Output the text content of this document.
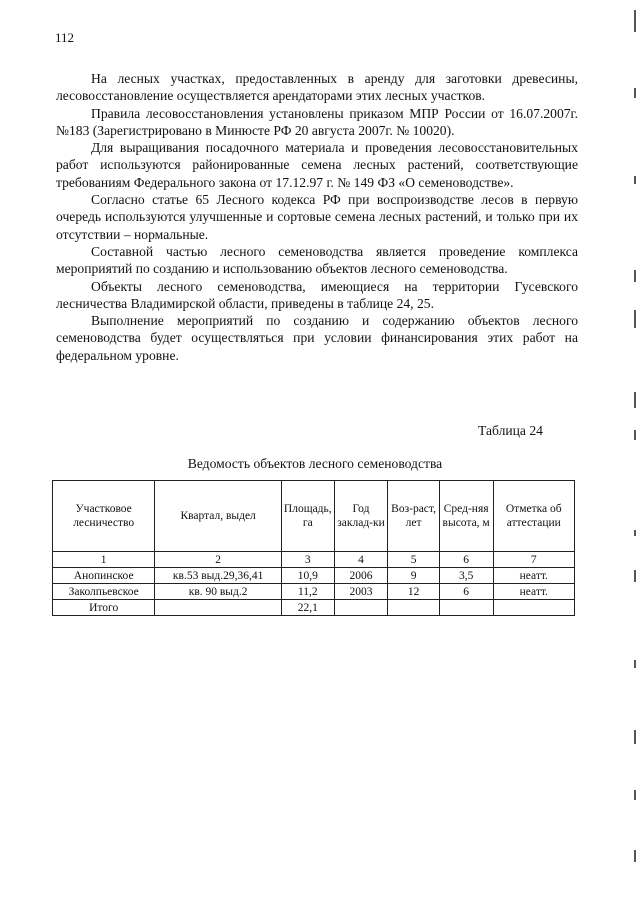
112

На лесных участках, предоставленных в аренду для заготовки древесины, лесовосстановление осуществляется арендаторами этих лесных участков.

Правила лесовосстановления установлены приказом МПР России от 16.07.2007г. №183 (Зарегистрировано в Минюсте РФ 20 августа 2007г. № 10020).

Для выращивания посадочного материала и проведения лесовосстановительных работ используются районированные семена лесных растений, соответствующие требованиям Федерального закона от 17.12.97 г. № 149 ФЗ «О семеноводстве».

Согласно статье 65 Лесного кодекса РФ при воспроизводстве лесов в первую очередь используются улучшенные и сортовые семена лесных растений, и только при их отсутствии – нормальные.

Составной частью лесного семеноводства является проведение комплекса мероприятий по созданию и использованию объектов лесного семеноводства.

Объекты лесного семеноводства, имеющиеся на территории Гусевского лесничества Владимирской области, приведены в таблице 24, 25.

Выполнение мероприятий по созданию и содержанию объектов лесного семеноводства будет осуществляться при условии финансирования этих работ на федеральном уровне.

Таблица 24
Ведомость объектов лесного семеноводства
Участковое лесничество	Квартал, выдел	Площадь, га	Год заклад-ки	Воз-раст, лет	Сред-няя высота, м	Отметка об аттестации
1	2	3	4	5	6	7
Анопинское	кв.53 выд.29,36,41	10,9	2006	9	3,5	неатт.
Заколпьевское	кв. 90 выд.2	11,2	2003	12	6	неатт.
Итого		22,1				
